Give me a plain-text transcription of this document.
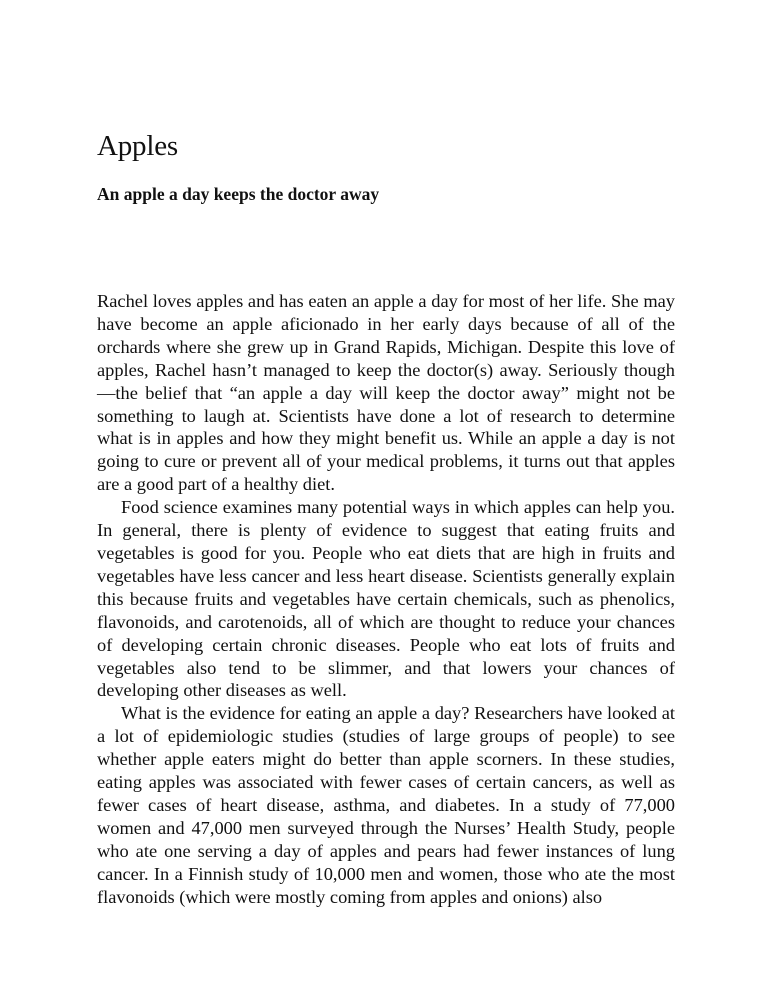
Apples
An apple a day keeps the doctor away

Rachel loves apples and has eaten an apple a day for most of her life. She may have become an apple aficionado in her early days because of all of the orchards where she grew up in Grand Rapids, Michigan. Despite this love of apples, Rachel hasn’t managed to keep the doctor(s) away. Seriously though—the belief that “an apple a day will keep the doctor away” might not be something to laugh at. Scientists have done a lot of research to determine what is in apples and how they might benefit us. While an apple a day is not going to cure or prevent all of your medical problems, it turns out that apples are a good part of a healthy diet.

Food science examines many potential ways in which apples can help you. In general, there is plenty of evidence to suggest that eating fruits and vegetables is good for you. People who eat diets that are high in fruits and vegetables have less cancer and less heart disease. Scientists generally explain this because fruits and vegetables have certain chemicals, such as phenolics, flavonoids, and carotenoids, all of which are thought to reduce your chances of developing certain chronic diseases. People who eat lots of fruits and vegetables also tend to be slimmer, and that lowers your chances of developing other diseases as well.

What is the evidence for eating an apple a day? Researchers have looked at a lot of epidemiologic studies (studies of large groups of people) to see whether apple eaters might do better than apple scorners. In these studies, eating apples was associated with fewer cases of certain cancers, as well as fewer cases of heart disease, asthma, and diabetes. In a study of 77,000 women and 47,000 men surveyed through the Nurses’ Health Study, people who ate one serving a day of apples and pears had fewer instances of lung cancer. In a Finnish study of 10,000 men and women, those who ate the most flavonoids (which were mostly coming from apples and onions) also
